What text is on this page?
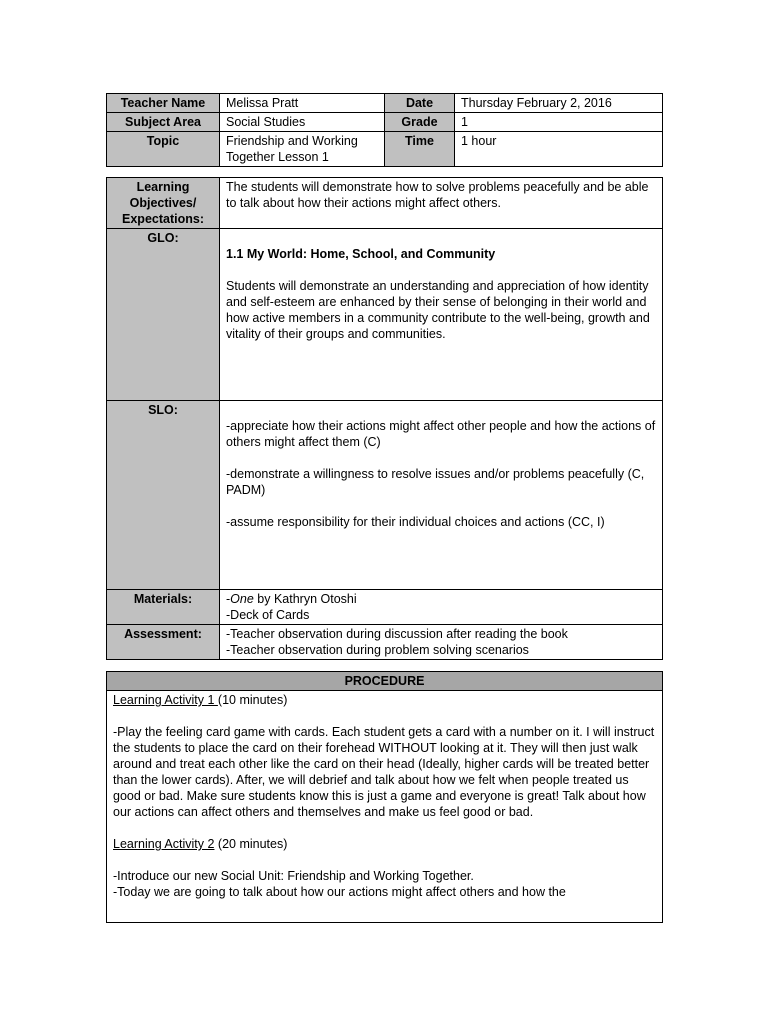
Teacher Name	Melissa Pratt	Date	Thursday February 2, 2016
Subject Area	Social Studies	Grade	1
Topic	Friendship and Working Together Lesson 1	Time	1 hour
Learning Objectives/ Expectations:	The students will demonstrate how to solve problems peacefully and be able to talk about how their actions might affect others.
GLO:	1.1 My World: Home, School, and Community

Students will demonstrate an understanding and appreciation of how identity and self-esteem are enhanced by their sense of belonging in their world and how active members in a community contribute to the well-being, growth and vitality of their groups and communities.

SLO:	-appreciate how their actions might affect other people and how the actions of others might affect them (C)

-demonstrate a willingness to resolve issues and/or problems peacefully (C, PADM)

-assume responsibility for their individual choices and actions (CC, I)

Materials:	-One by Kathryn Otoshi

-Deck of Cards

Assessment:	-Teacher observation during discussion after reading the book

-Teacher observation during problem solving scenarios

PROCEDURE

Learning Activity 1 (10 minutes)

-Play the feeling card game with cards. Each student gets a card with a number on it. I will instruct the students to place the card on their forehead WITHOUT looking at it. They will then just walk around and treat each other like the card on their head (Ideally, higher cards will be treated better than the lower cards). After, we will debrief and talk about how we felt when people treated us good or bad. Make sure students know this is just a game and everyone is great! Talk about how our actions can affect others and themselves and make us feel good or bad.

Learning Activity 2 (20 minutes)

-Introduce our new Social Unit: Friendship and Working Together.

-Today we are going to talk about how our actions might affect others and how the
